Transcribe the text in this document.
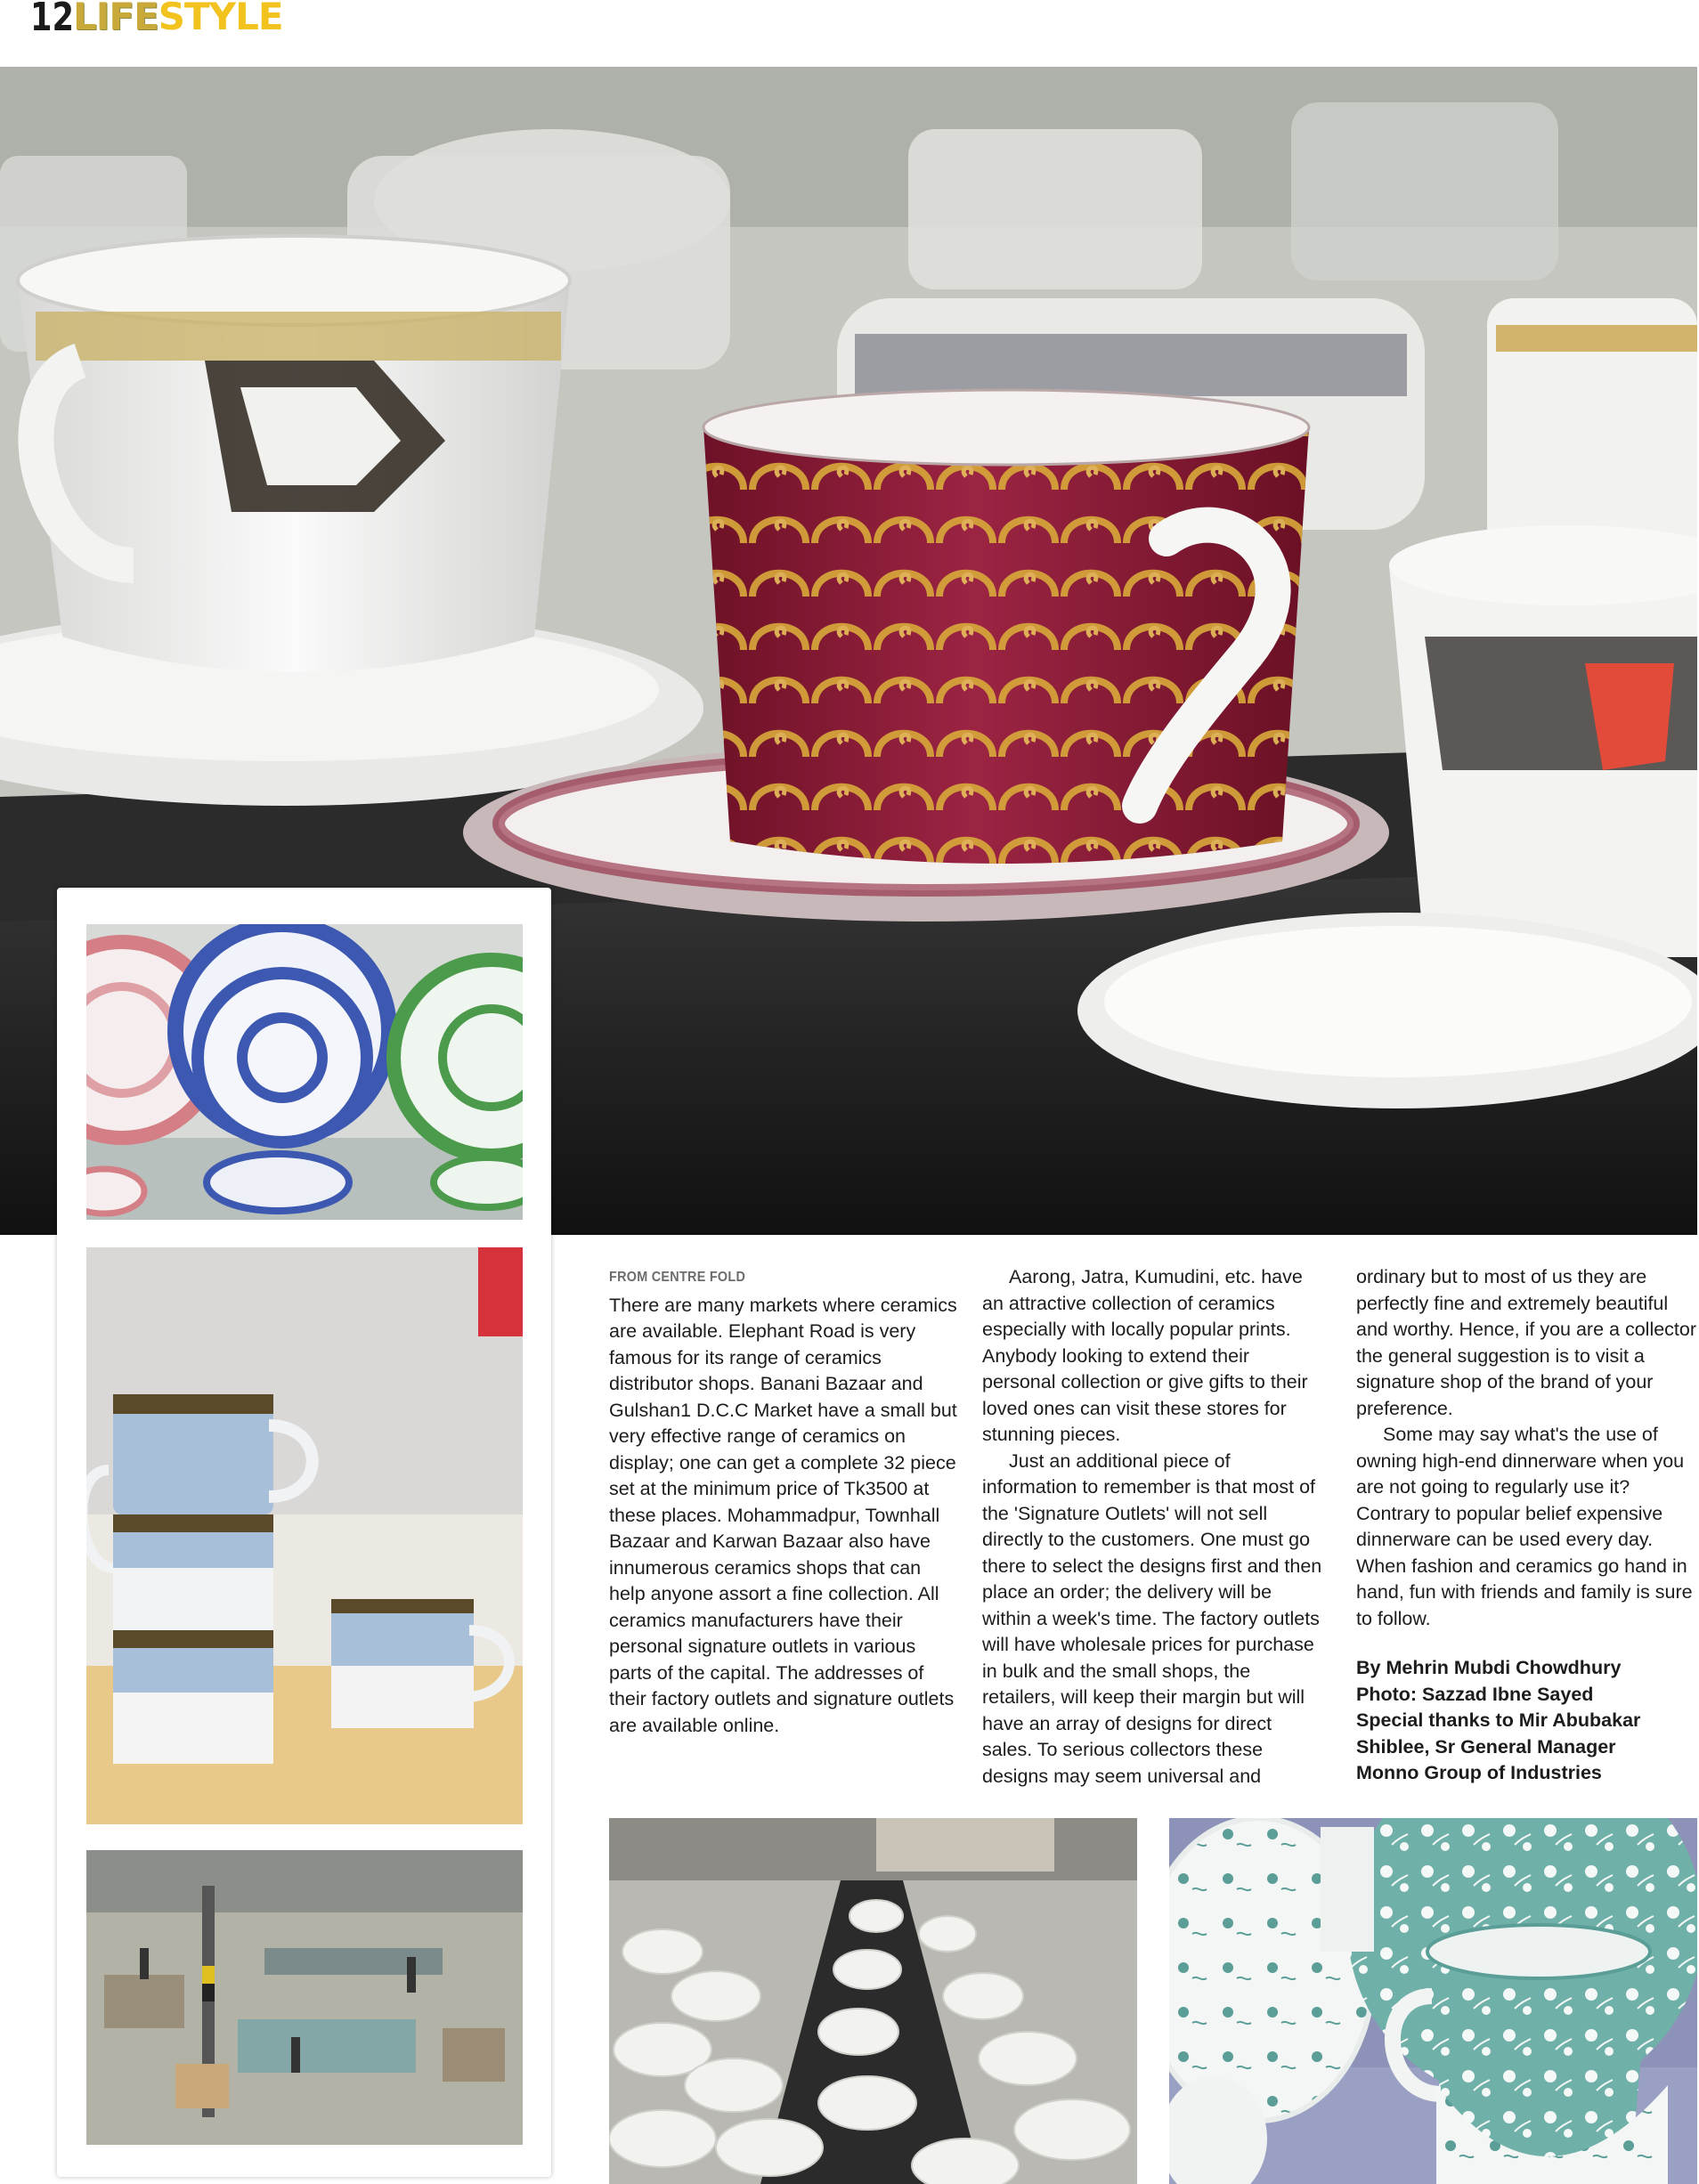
12 LIFESTYLE
FROM CENTRE FOLD

There are many markets where ceramics are available. Elephant Road is very famous for its range of ceramics distributor shops. Banani Bazaar and Gulshan1 D.C.C Market have a small but very effective range of ceramics on display; one can get a complete 32 piece set at the minimum price of Tk3500 at these places. Mohammadpur, Townhall Bazaar and Karwan Bazaar also have innumerous ceramics shops that can help anyone assort a fine collection. All ceramics manufacturers have their personal signature outlets in various parts of the capital. The addresses of their factory outlets and signature outlets are available online.

Aarong, Jatra, Kumudini, etc. have an attractive collection of ceramics especially with locally popular prints. Anybody looking to extend their personal collection or give gifts to their loved ones can visit these stores for stunning pieces.

Just an additional piece of information to remember is that most of the 'Signature Outlets' will not sell directly to the customers. One must go there to select the designs first and then place an order; the delivery will be within a week's time. The factory outlets will have wholesale prices for purchase in bulk and the small shops, the retailers, will keep their margin but will have an array of designs for direct sales. To serious collectors these designs may seem universal and

ordinary but to most of us they are perfectly fine and extremely beautiful and worthy. Hence, if you are a collector the general suggestion is to visit a signature shop of the brand of your preference.

Some may say what's the use of owning high-end dinnerware when you are not going to regularly use it? Contrary to popular belief expensive dinnerware can be used every day. When fashion and ceramics go hand in hand, fun with friends and family is sure to follow.

By Mehrin Mubdi Chowdhury
Photo: Sazzad Ibne Sayed
Special thanks to Mir Abubakar
Shiblee, Sr General Manager
Monno Group of Industries
